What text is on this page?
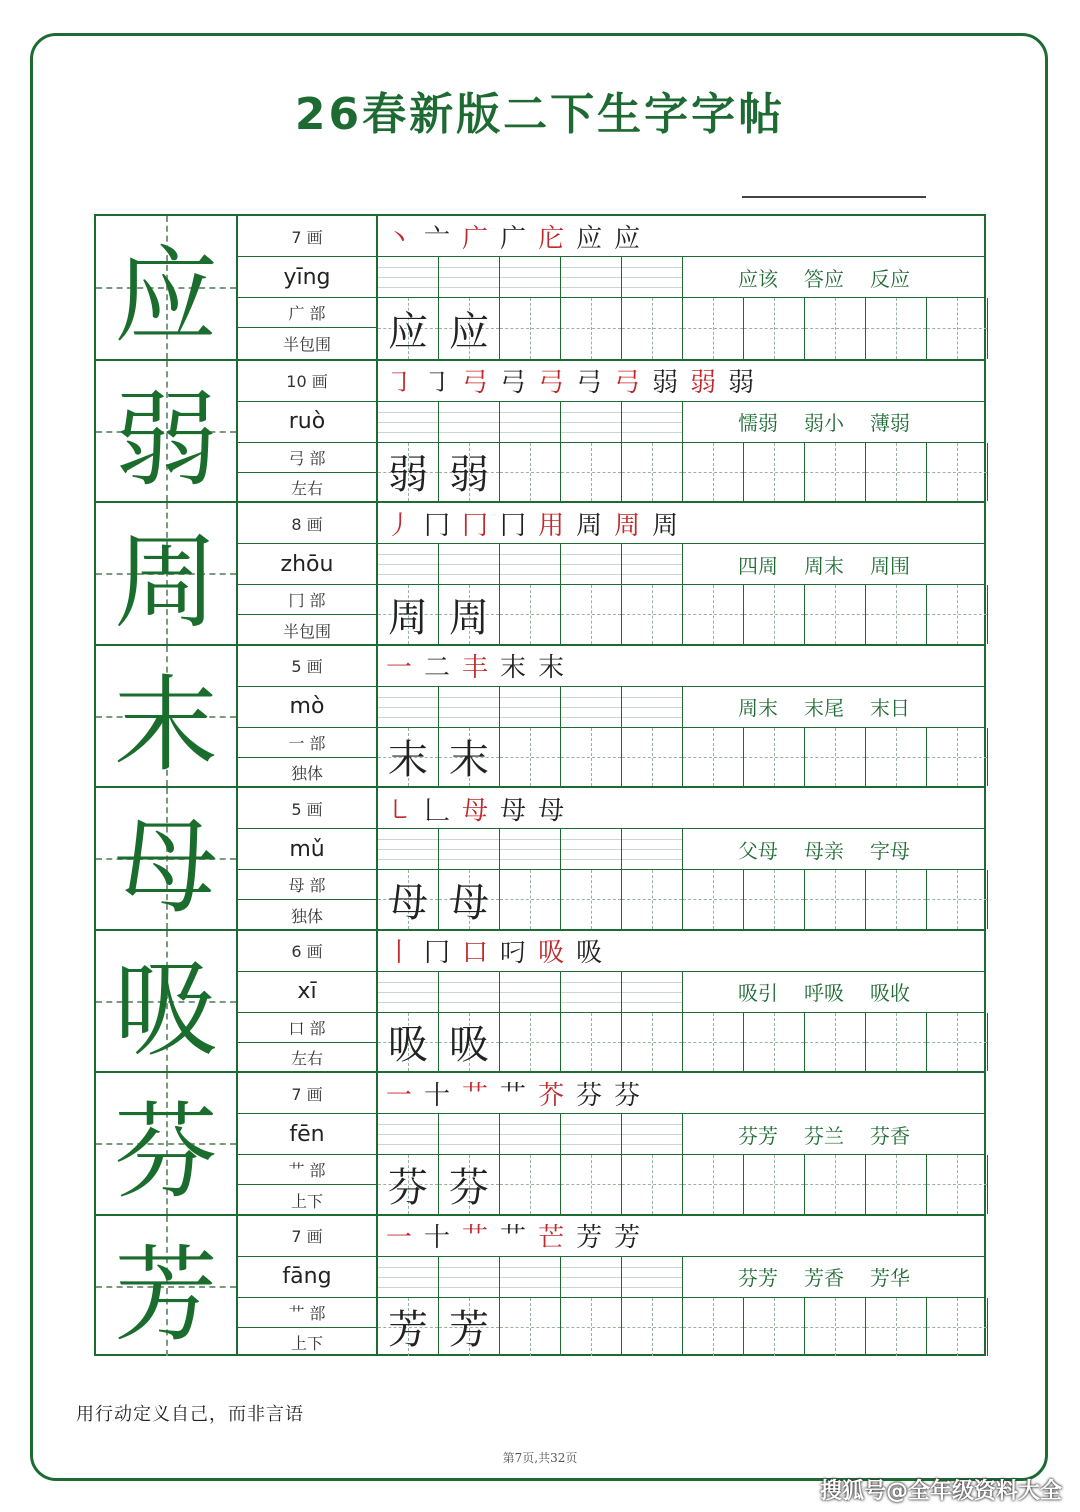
26春新版二下生字字帖
应	7 画
yīng
广 部
半包围
丶 亠 广 广 庀 应 应
应该 答应 反应
应 应
弱	10 画
ruò
弓 部
左右
㇆ ㇆ 弓 弓 弓 弓 弓 弱 弱 弱
懦弱 弱小 薄弱
弱 弱
周	8 画
zhōu
冂 部
半包围
丿 冂 冂 冂 用 周 周 周
四周 周末 周围
周 周
末	5 画
mò
一 部
独体
一 二 丰 末 末
周末 末尾 末日
末 末
母	5 画
mǔ
母 部
独体
㇄ 𠃊 母 母 母
父母 母亲 字母
母 母
吸	6 画
xī
口 部
左右
丨 冂 口 叼 吸 吸
吸引 呼吸 吸收
吸 吸
芬	7 画
fēn
艹 部
上下
一 十 艹 艹 芥 芬 芬
芬芳 芬兰 芬香
芬 芬
芳	7 画
fāng
艹 部
上下
一 十 艹 艹 芒 芳 芳
芬芳 芳香 芳华
芳 芳
用行动定义自己，而非言语
第7页,共32页
搜狐号@全年级资料大全
